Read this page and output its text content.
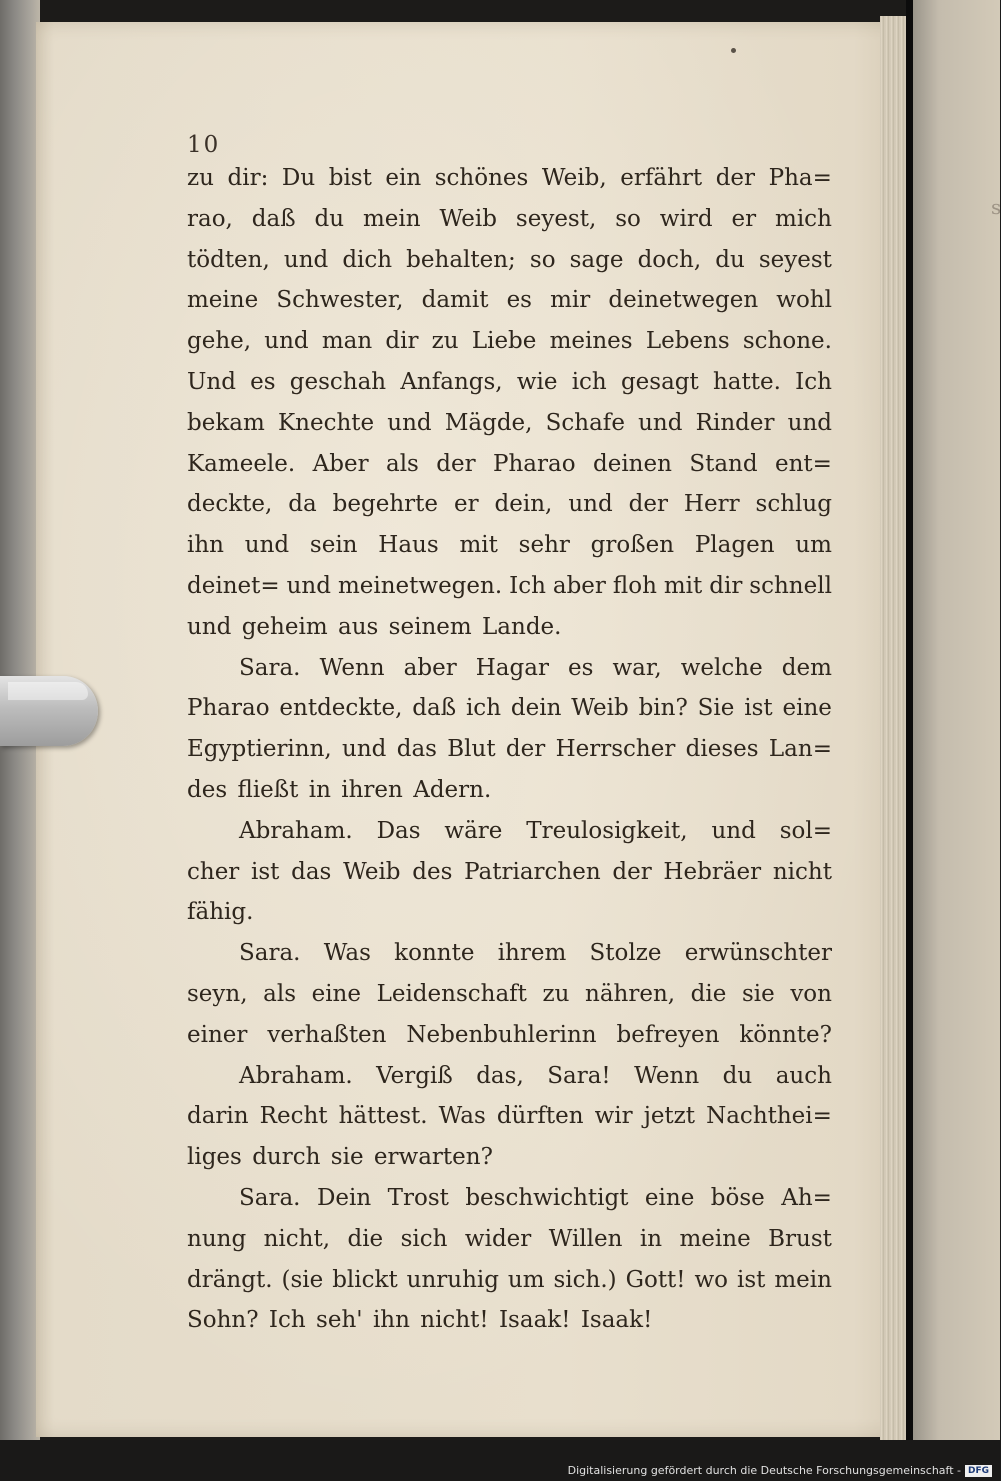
s
10
zu dir: Du bist ein schönes Weib, erfährt der Pha=
rao, daß du mein Weib seyest, so wird er mich
tödten, und dich behalten; so sage doch, du seyest
meine Schwester, damit es mir deinetwegen wohl
gehe, und man dir zu Liebe meines Lebens schone.
Und es geschah Anfangs, wie ich gesagt hatte. Ich
bekam Knechte und Mägde, Schafe und Rinder und
Kameele. Aber als der Pharao deinen Stand ent=
deckte, da begehrte er dein, und der Herr schlug
ihn und sein Haus mit sehr großen Plagen um
deinet= und meinetwegen. Ich aber floh mit dir schnell
und geheim aus seinem Lande.
Sara. Wenn aber Hagar es war, welche dem
Pharao entdeckte, daß ich dein Weib bin? Sie ist eine
Egyptierinn, und das Blut der Herrscher dieses Lan=
des fließt in ihren Adern.
Abraham. Das wäre Treulosigkeit, und sol=
cher ist das Weib des Patriarchen der Hebräer nicht
fähig.
Sara. Was konnte ihrem Stolze erwünschter
seyn, als eine Leidenschaft zu nähren, die sie von
einer verhaßten Nebenbuhlerinn befreyen könnte?
Abraham. Vergiß das, Sara! Wenn du auch
darin Recht hättest. Was dürften wir jetzt Nachthei=
liges durch sie erwarten?
Sara. Dein Trost beschwichtigt eine böse Ah=
nung nicht, die sich wider Willen in meine Brust
drängt. (sie blickt unruhig um sich.) Gott! wo ist mein
Sohn? Ich seh' ihn nicht! Isaak! Isaak!
Digitalisierung gefördert durch die Deutsche Forschungsgemeinschaft - DFG
